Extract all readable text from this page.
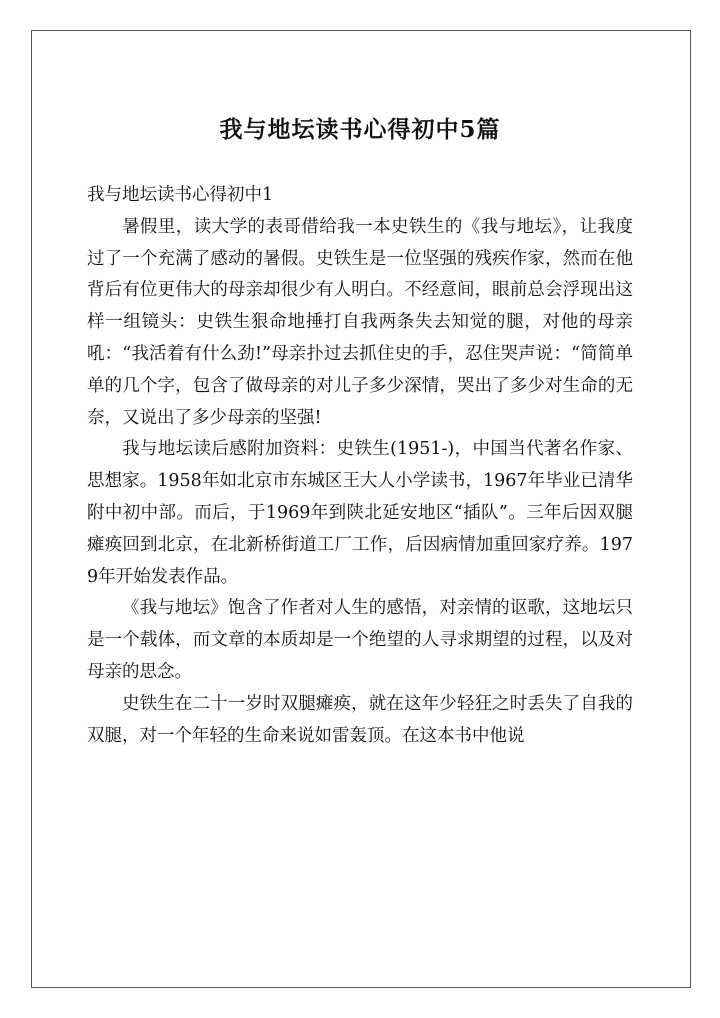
我与地坛读书心得初中5篇

我与地坛读书心得初中1

暑假里，读大学的表哥借给我一本史铁生的《我与地坛》，让我度过了一个充满了感动的暑假。史铁生是一位坚强的残疾作家，然而在他背后有位更伟大的母亲却很少有人明白。不经意间，眼前总会浮现出这样一组镜头：史铁生狠命地捶打自我两条失去知觉的腿，对他的母亲吼：“我活着有什么劲!”母亲扑过去抓住史的手，忍住哭声说：“简简单单的几个字，包含了做母亲的对儿子多少深情，哭出了多少对生命的无奈，又说出了多少母亲的坚强!

我与地坛读后感附加资料：史铁生(1951-)，中国当代著名作家、思想家。1958年如北京市东城区王大人小学读书，1967年毕业已清华附中初中部。而后，于1969年到陕北延安地区“插队”。三年后因双腿瘫痪回到北京，在北新桥街道工厂工作，后因病情加重回家疗养。1979年开始发表作品。

《我与地坛》饱含了作者对人生的感悟，对亲情的讴歌，这地坛只是一个载体，而文章的本质却是一个绝望的人寻求期望的过程，以及对母亲的思念。

史铁生在二十一岁时双腿瘫痪，就在这年少轻狂之时丢失了自我的双腿，对一个年轻的生命来说如雷轰顶。在这本书中他说
